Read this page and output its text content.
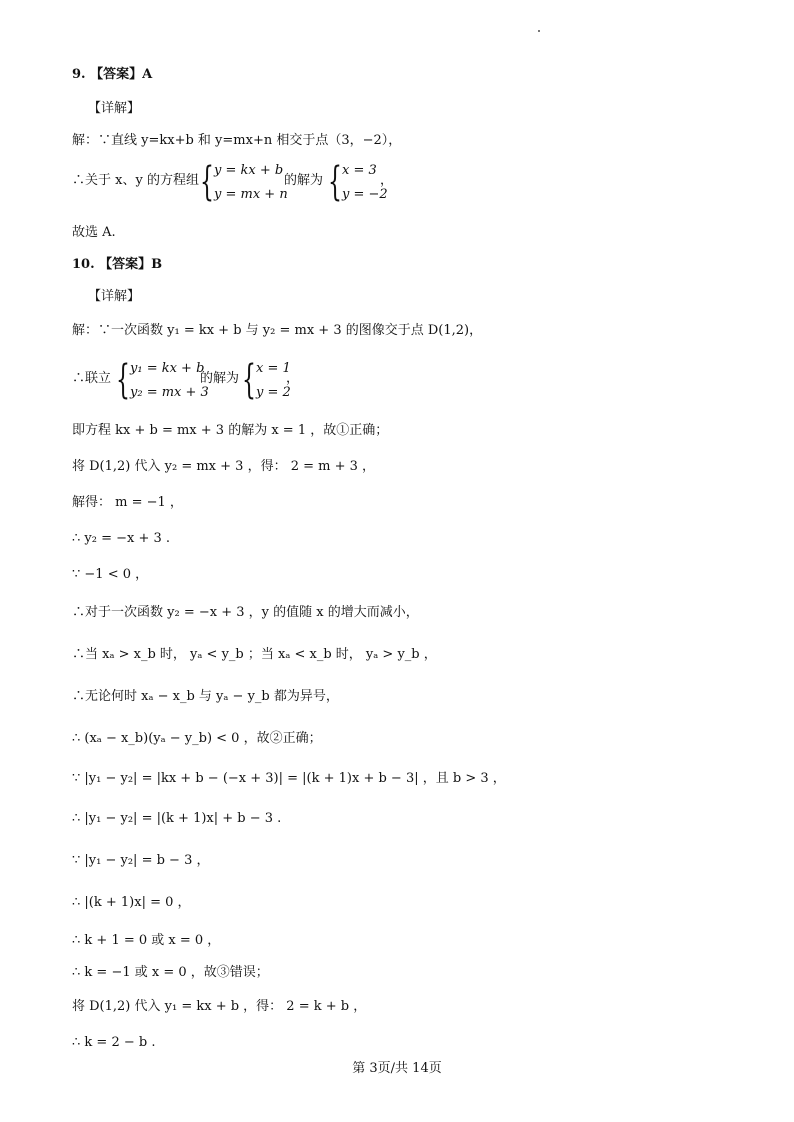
9. 【答案】A
【详解】
解：∵直线 y=kx+b 和 y=mx+n 相交于点（3，−2），
∴关于 x、y 的方程组 { y = kx + b
y = mx + n
的解为 { x = 3
y = −2
，
故选 A.
10. 【答案】B
【详解】
解：∵一次函数 y₁ = kx + b 与 y₂ = mx + 3 的图像交于点 D(1,2)，
∴联立 { y₁ = kx + b
y₂ = mx + 3
的解为 { x = 1
y = 2
，
即方程 kx + b = mx + 3 的解为 x = 1 ，故①正确；
将 D(1,2) 代入 y₂ = mx + 3 ，得： 2 = m + 3 ，
解得： m = −1 ，
∴ y₂ = −x + 3 .
∵ −1 < 0 ，
∴对于一次函数 y₂ = −x + 3 ，y 的值随 x 的增大而减小，
∴当 xₐ > x_b 时， yₐ < y_b ；当 xₐ < x_b 时， yₐ > y_b ，
∴无论何时 xₐ − x_b 与 yₐ − y_b 都为异号，
∴ (xₐ − x_b)(yₐ − y_b) < 0 ，故②正确；
∵ |y₁ − y₂| = |kx + b − (−x + 3)| = |(k + 1)x + b − 3| ，且 b > 3 ，
∴ |y₁ − y₂| = |(k + 1)x| + b − 3 .
∵ |y₁ − y₂| = b − 3 ，
∴ |(k + 1)x| = 0 ，
∴ k + 1 = 0 或 x = 0 ，
∴ k = −1 或 x = 0 ，故③错误；
将 D(1,2) 代入 y₁ = kx + b ，得： 2 = k + b ，
∴ k = 2 − b .
第 3页/共 14页
